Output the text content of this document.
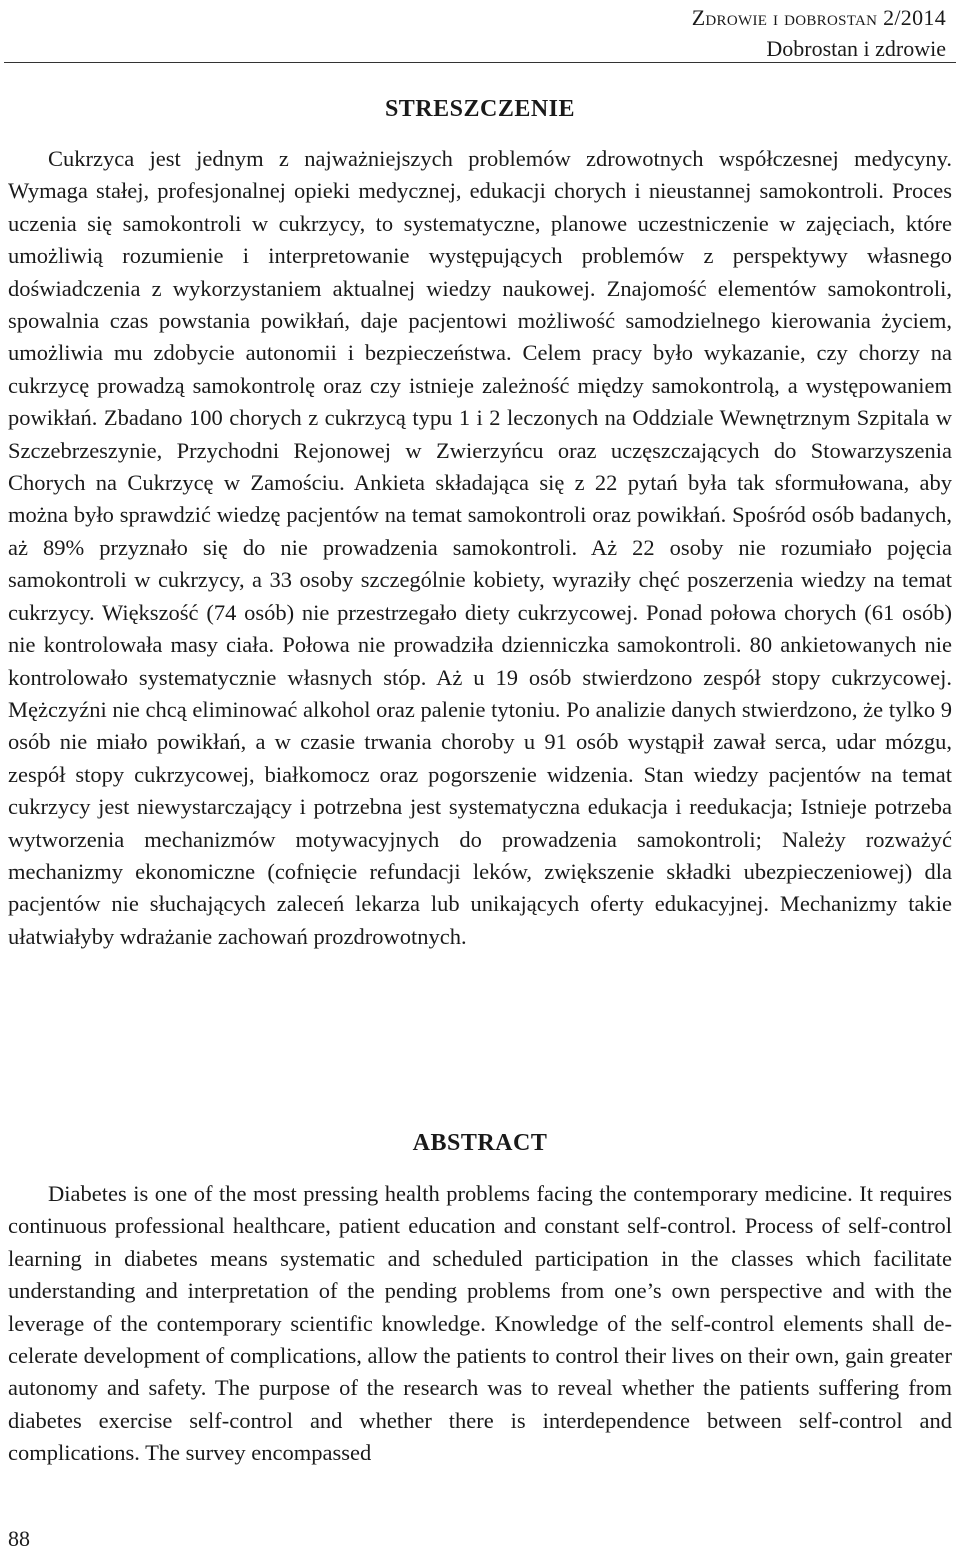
Zdrowie i dobrostan 2/2014
Dobrostan i zdrowie
STRESZCZENIE

Cukrzyca jest jednym z najważniejszych problemów zdrowotnych współczesnej medycyny. Wymaga stałej, profesjonalnej opieki medycznej, edukacji chorych i nieustannej samokontroli. Proces uczenia się samokontroli w cukrzycy, to systematyczne, planowe uczestniczenie w zajęciach, które umożliwią rozumienie i interpretowanie występujących problemów z perspektywy własnego doświadczenia z wykorzystaniem aktualnej wiedzy naukowej. Znajomość elementów samokontroli, spowalnia czas powstania powikłań, daje pacjentowi możliwość samodzielnego kierowania życiem, umożliwia mu zdobycie autonomii i bezpieczeństwa. Celem pracy było wykazanie, czy chorzy na cukrzycę prowadzą samokontrolę oraz czy istnieje zależność między samokontrolą, a występowaniem powikłań. Zbadano 100 chorych z cukrzycą typu 1 i 2 leczonych na Oddziale Wewnętrznym Szpitala w Szczebrzeszynie, Przychodni Rejonowej w Zwierzyńcu oraz uczęszczających do Stowarzyszenia Chorych na Cukrzycę w Zamościu. Ankieta składająca się z 22 pytań była tak sformułowana, aby można było sprawdzić wiedzę pacjentów na temat samokontroli oraz powikłań. Spośród osób badanych, aż 89% przyznało się do nie prowadzenia samokontroli. Aż 22 osoby nie rozumiało pojęcia samokontroli w cukrzycy, a 33 osoby szczególnie kobiety, wyraziły chęć poszerzenia wiedzy na temat cukrzycy. Większość (74 osób) nie przestrzegało diety cukrzycowej. Ponad połowa chorych (61 osób) nie kontrolowała masy ciała. Połowa nie prowadziła dzienniczka samokontroli. 80 ankietowanych nie kontrolowało systematycznie własnych stóp. Aż u 19 osób stwierdzono zespół stopy cukrzycowej. Mężczyźni nie chcą eliminować alkohol oraz palenie tytoniu. Po analizie danych stwierdzono, że tylko 9 osób nie miało powikłań, a w czasie trwania choroby u 91 osób wystąpił zawał serca, udar mózgu, zespół stopy cukrzycowej, białkomocz oraz pogorszenie widzenia. Stan wiedzy pacjentów na temat cukrzycy jest niewystarczający i potrzebna jest systematyczna edukacja i reedukacja; Istnieje potrzeba wytworzenia mechanizmów motywacyjnych do prowadzenia samokontroli; Należy rozważyć mechanizmy ekonomiczne (cofnięcie refundacji leków, zwiększenie składki ubezpieczeniowej) dla pacjentów nie słuchających zaleceń lekarza lub unikających oferty edukacyjnej. Mechanizmy takie ułatwiałyby wdrażanie zachowań prozdrowotnych.

ABSTRACT

Diabetes is one of the most pressing health problems facing the contemporary medicine. It requires continuous professional healthcare, patient education and constant self-control. Process of self-control learning in diabetes means systematic and scheduled participation in the classes which facilitate understanding and interpretation of the pending problems from one’s own perspective and with the leverage of the contemporary scientific knowledge. Knowledge of the self-control elements shall decelerate development of complications, allow the patients to control their lives on their own, gain greater autonomy and safety. The purpose of the research was to reveal whether the patients suffering from diabetes exercise self-control and whether there is interdependence between self-control and complications. The survey encompassed

88
